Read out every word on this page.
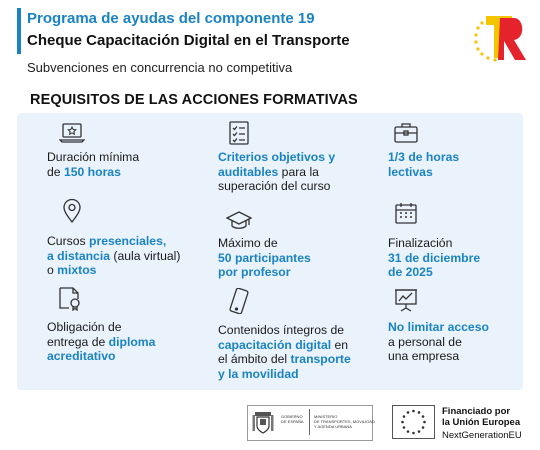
Programa de ayudas del componente 19
Cheque Capacitación Digital en el Transporte
Subvenciones en concurrencia no competitiva
REQUISITOS DE LAS ACCIONES FORMATIVAS
Duración mínima
de 150 horas
Criterios objetivos y
auditables para la
superación del curso
1/3 de horas
lectivas
Cursos presenciales,
a distancia (aula virtual)
o mixtos
Máximo de
50 participantes
por profesor
Finalización
31 de diciembre
de 2025
Obligación de
entrega de diploma
acreditativo
Contenidos íntegros de
capacitación digital en
el ámbito del transporte
y la movilidad
No limitar acceso
a personal de
una empresa
GOBIERNO
DE ESPAÑA
MINISTERIO
DE TRANSPORTES, MOVILIDAD
Y AGENDA URBANA
Financiado por
la Unión Europea
NextGenerationEU
